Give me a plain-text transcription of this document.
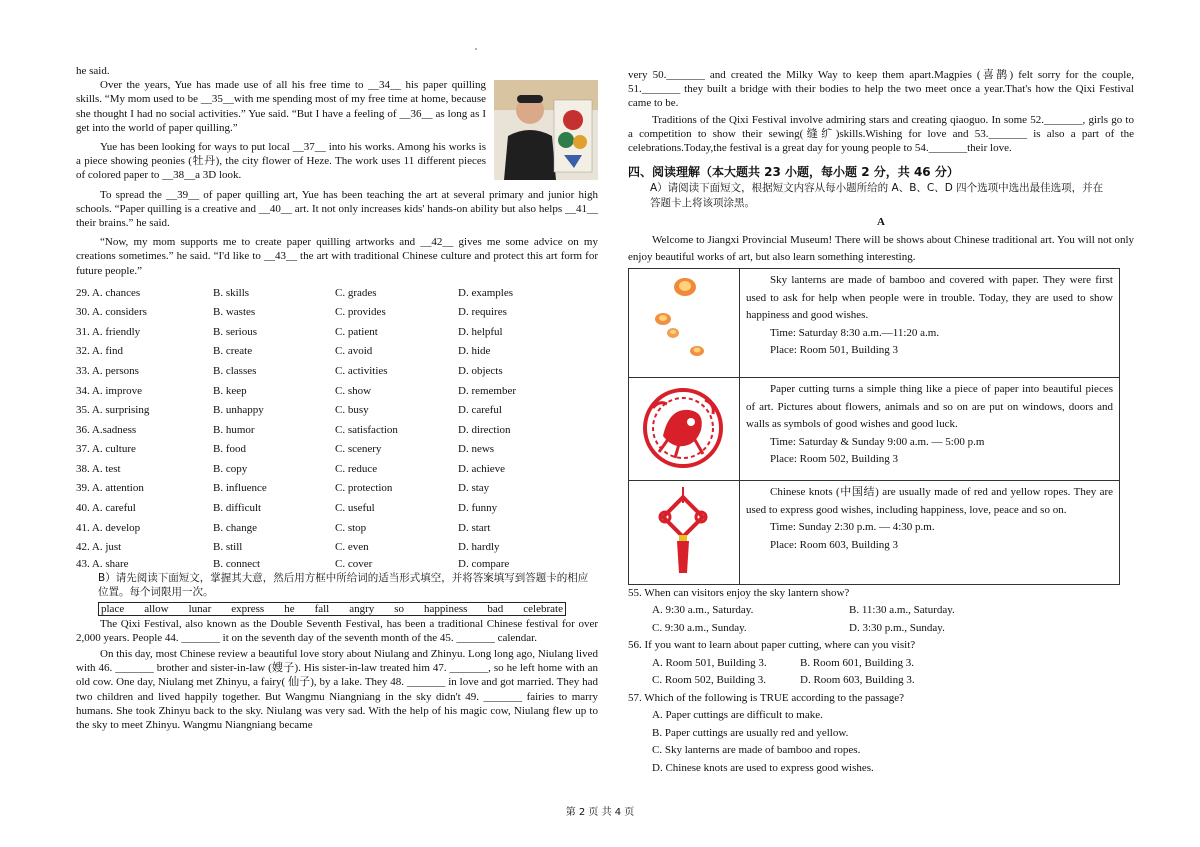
he said.

Over the years, Yue has made use of all his free time to __34__ his paper quilling skills. “My mom used to be __35__with me spending most of my free time at home, because she thought I had no social activities.” Yue said. “But I have a feeling of __36__ as long as I get into the world of paper quilling.”

Yue has been looking for ways to put local __37__ into his works. Among his works is a piece showing peonies (牡丹), the city flower of Heze. The work uses 11 different pieces of colored paper to __38__a 3D look.

To spread the __39__ of paper quilling art, Yue has been teaching the art at several primary and junior high schools. “Paper quilling is a creative and __40__ art. It not only increases kids' hands-on ability but also helps __41__ their brains.” he said.

“Now, my mom supports me to create paper quilling artworks and __42__ gives me some advice on my creations sometimes.” he said. “I'd like to __43__ the art with traditional Chinese culture and protect this art form for future people.”

29. A. chances	B. skills	C. grades	D. examples
30. A. considers	B. wastes	C. provides	D. requires
31. A. friendly	B. serious	C. patient	D. helpful
32. A. find	B. create	C. avoid	D. hide
33. A. persons	B. classes	C. activities	D. objects
34. A. improve	B. keep	C. show	D. remember
35. A. surprising	B. unhappy	C. busy	D. careful
36. A.sadness	B. humor	C. satisfaction	D. direction
37. A. culture	B. food	C. scenery	D. news
38. A. test	B. copy	C. reduce	D. achieve
39. A. attention	B. influence	C. protection	D. stay
40. A. careful	B. difficult	C. useful	D. funny
41. A. develop	B. change	C. stop	D. start
42. A. just	B. still	C. even	D. hardly
43. A. share	B. connect	C. cover	D. compare

B）请先阅读下面短文，掌握其大意，然后用方框中所给词的适当形式填空，并将答案填写到答题卡的相应位置。每个词限用一次。

place allow lunar express he fall angry so happiness bad celebrate

The Qixi Festival, also known as the Double Seventh Festival, has been a traditional Chinese festival for over 2,000 years. People 44. _______ it on the seventh day of the seventh month of the 45. _______ calendar.

On this day, most Chinese review a beautiful love story about Niulang and Zhinyu. Long long ago, Niulang lived with 46. _______ brother and sister-in-law (嫂子). His sister-in-law treated him 47. _______, so he left home with an old cow. One day, Niulang met Zhinyu, a fairy( 仙子), by a lake. They 48. _______ in love and got married. They had two children and lived happily together. But Wangmu Niangniang in the sky didn't 49. _______ fairies to marry humans. She took Zhinyu back to the sky. Niulang was very sad. With the help of his magic cow, Niulang flew up to the sky to meet Zhinyu. Wangmu Niangniang became

very 50._______ and created the Milky Way to keep them apart.Magpies (喜鹊) felt sorry for the couple, 51._______ they built a bridge with their bodies to help the two meet once a year.That's how the Qixi Festival came to be.

Traditions of the Qixi Festival involve admiring stars and creating qiaoguo. In some 52._______, girls go to a competition to show their sewing(缝纩)skills.Wishing for love and 53._______ is also a part of the celebrations.Today,the festival is a great day for young people to 54._______their love.

四、阅读理解（本大题共 23 小题，每小题 2 分，共 46 分）

A）请阅读下面短文，根据短文内容从每小题所给的 A、B、C、D 四个选项中选出最佳选项，并在答题卡上将该项涂黑。

A

Welcome to Jiangxi Provincial Museum! There will be shows about Chinese traditional art. You will not only enjoy beautiful works of art, but also learn something interesting.

Sky lanterns are made of bamboo and covered with paper. They were first used to ask for help when people were in trouble. Today, they are used to show happiness and good wishes.

Time: Saturday 8:30 a.m.—11:20 a.m.

Place: Room 501, Building 3

Paper cutting turns a simple thing like a piece of paper into beautiful pieces of art. Pictures about flowers, animals and so on are put on windows, doors and walls as symbols of good wishes and good luck.

Time: Saturday & Sunday 9:00 a.m. — 5:00 p.m

Place: Room 502, Building 3

Chinese knots (中国结) are usually made of red and yellow ropes. They are used to express good wishes, including happiness, love, peace and so on.

Time: Sunday 2:30 p.m. — 4:30 p.m.

Place: Room 603, Building 3

55. When can visitors enjoy the sky lantern show?

A. 9:30 a.m., Saturday.	B. 11:30 a.m., Saturday.
C. 9:30 a.m., Sunday.	D. 3:30 p.m., Sunday.

56. If you want to learn about paper cutting, where can you visit?

A. Room 501, Building 3.	B. Room 601, Building 3.
C. Room 502, Building 3.	D. Room 603, Building 3.

57. Which of the following is TRUE according to the passage?

A. Paper cuttings are difficult to make.

B. Paper cuttings are usually red and yellow.

C. Sky lanterns are made of bamboo and ropes.

D. Chinese knots are used to express good wishes.

第 2 页 共 4 页
